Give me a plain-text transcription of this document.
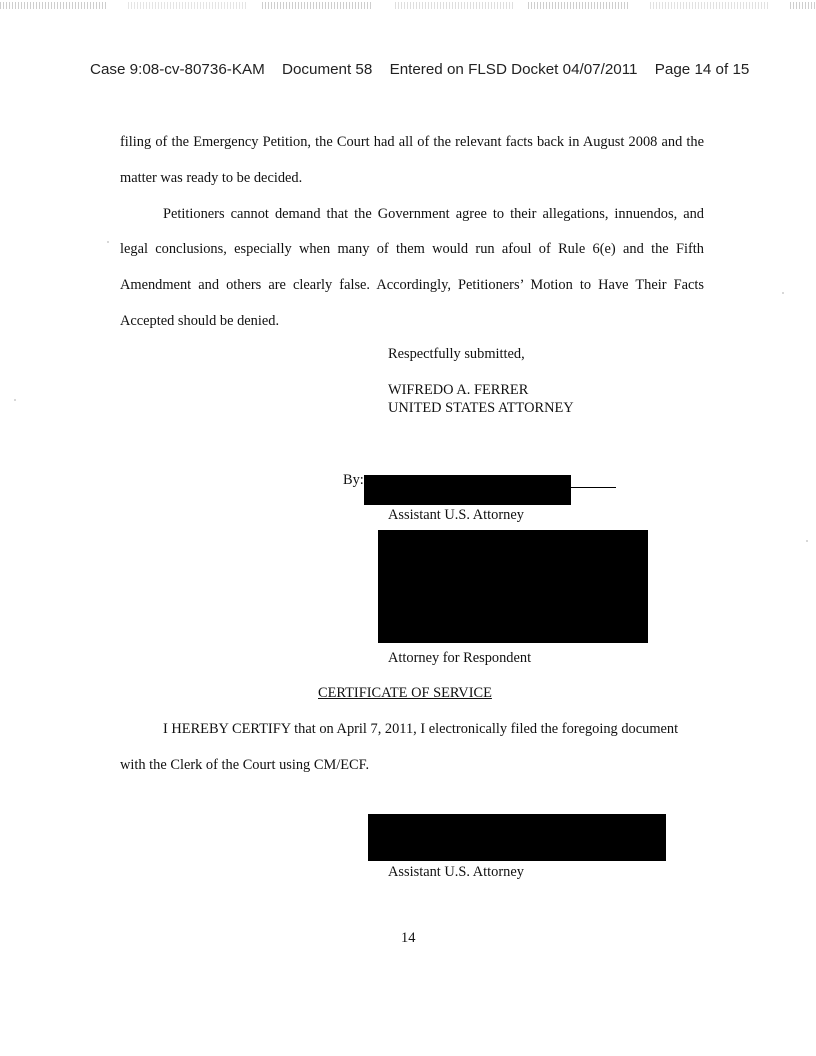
Case 9:08-cv-80736-KAM Document 58 Entered on FLSD Docket 04/07/2011 Page 14 of 15
filing of the Emergency Petition, the Court had all of the relevant facts back in August 2008 and the
matter was ready to be decided.
Petitioners cannot demand that the Government agree to their allegations, innuendos, and
legal conclusions, especially when many of them would run afoul of Rule 6(e) and the Fifth
Amendment and others are clearly false. Accordingly, Petitioners’ Motion to Have Their Facts
Accepted should be denied.
Respectfully submitted,
WIFREDO A. FERRER
UNITED STATES ATTORNEY
By:
Assistant U.S. Attorney
Attorney for Respondent
CERTIFICATE OF SERVICE
I HEREBY CERTIFY that on April 7, 2011, I electronically filed the foregoing document
with the Clerk of the Court using CM/ECF.
Assistant U.S. Attorney
14
